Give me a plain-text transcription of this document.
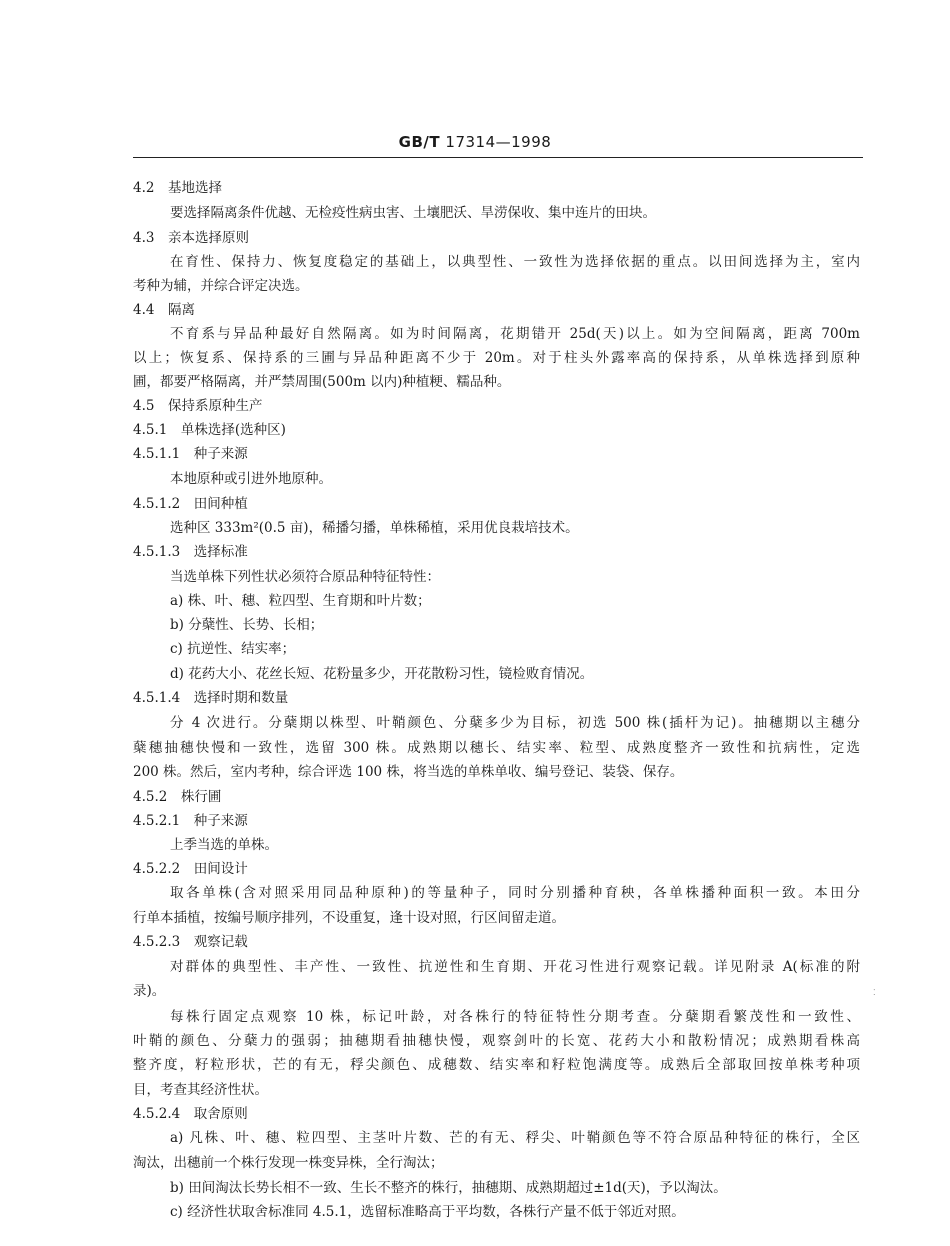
GB/T 17314—1998
4.2　基地选择
要选择隔离条件优越、无检疫性病虫害、土壤肥沃、旱涝保收、集中连片的田块。
4.3　亲本选择原则
在育性、保持力、恢复度稳定的基础上，以典型性、一致性为选择依据的重点。以田间选择为主，室内
考种为辅，并综合评定决选。
4.4　隔离
不育系与异品种最好自然隔离。如为时间隔离，花期错开 25d(天)以上。如为空间隔离，距离 700m
以上；恢复系、保持系的三圃与异品种距离不少于 20m。对于柱头外露率高的保持系，从单株选择到原种
圃，都要严格隔离，并严禁周围(500m 以内)种植粳、糯品种。
4.5　保持系原种生产
4.5.1　单株选择(选种区)
4.5.1.1　种子来源
本地原种或引进外地原种。
4.5.1.2　田间种植
选种区 333m²(0.5 亩)，稀播匀播，单株稀植，采用优良栽培技术。
4.5.1.3　选择标准
当选单株下列性状必须符合原品种特征特性：
a) 株、叶、穗、粒四型、生育期和叶片数；
b) 分蘖性、长势、长相；
c) 抗逆性、结实率；
d) 花药大小、花丝长短、花粉量多少，开花散粉习性，镜检败育情况。
4.5.1.4　选择时期和数量
分 4 次进行。分蘖期以株型、叶鞘颜色、分蘖多少为目标，初选 500 株(插杆为记)。抽穗期以主穗分
蘖穗抽穗快慢和一致性，选留 300 株。成熟期以穗长、结实率、粒型、成熟度整齐一致性和抗病性，定选
200 株。然后，室内考种，综合评选 100 株，将当选的单株单收、编号登记、装袋、保存。
4.5.2　株行圃
4.5.2.1　种子来源
上季当选的单株。
4.5.2.2　田间设计
取各单株(含对照采用同品种原种)的等量种子，同时分别播种育秧，各单株播种面积一致。本田分
行单本插植，按编号顺序排列，不设重复，逢十设对照，行区间留走道。
4.5.2.3　观察记载
对群体的典型性、丰产性、一致性、抗逆性和生育期、开花习性进行观察记载。详见附录 A(标准的附
录)。
每株行固定点观察 10 株，标记叶龄，对各株行的特征特性分期考查。分蘖期看繁茂性和一致性、
叶鞘的颜色、分蘖力的强弱；抽穗期看抽穗快慢，观察剑叶的长宽、花药大小和散粉情况；成熟期看株高
整齐度，籽粒形状，芒的有无，稃尖颜色、成穗数、结实率和籽粒饱满度等。成熟后全部取回按单株考种项
目，考查其经济性状。
4.5.2.4　取舍原则
a) 凡株、叶、穗、粒四型、主茎叶片数、芒的有无、稃尖、叶鞘颜色等不符合原品种特征的株行，全区
淘汰，出穗前一个株行发现一株变异株，全行淘汰；
b) 田间淘汰长势长相不一致、生长不整齐的株行，抽穗期、成熟期超过±1d(天)，予以淘汰。
c) 经济性状取舍标准同 4.5.1，选留标准略高于平均数，各株行产量不低于邻近对照。
⁚
